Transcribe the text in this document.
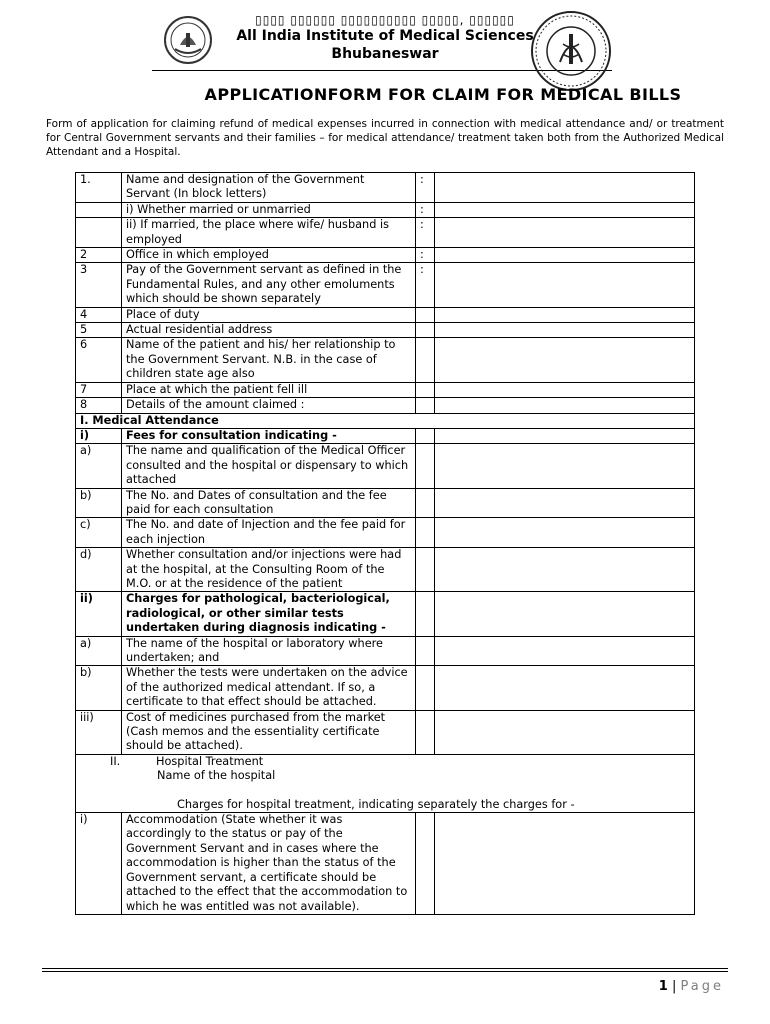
▯▯▯▯ ▯▯▯▯▯▯ ▯▯▯▯▯▯▯▯▯▯ ▯▯▯▯▯, ▯▯▯▯▯▯
All India Institute of Medical Sciences
Bhubaneswar
APPLICATIONFORM FOR CLAIM FOR MEDICAL BILLS
Form of application for claiming refund of medical expenses incurred in connection with medical attendance and/ or treatment for Central Government servants and their families – for medical attendance/ treatment taken both from the Authorized Medical Attendant and a Hospital.
1.	Name and designation of the Government Servant (In block letters)	:	
	i) Whether married or unmarried	:	
	ii) If married, the place where wife/ husband is employed	:	
2	Office in which employed	:	
3	Pay of the Government servant as defined in the Fundamental Rules, and any other emoluments which should be shown separately	:	
4	Place of duty		
5	Actual residential address		
6	Name of the patient and his/ her relationship to the Government Servant. N.B. in the case of children state age also		
7	Place at which the patient fell ill		
8	Details of the amount claimed :		
I. Medical Attendance			
i)	Fees for consultation indicating -		
a)	The name and qualification of the Medical Officer consulted and the hospital or dispensary to which attached		
b)	The No. and Dates of consultation and the fee paid for each consultation		
c)	The No. and date of Injection and the fee paid for each injection		
d)	Whether consultation and/or injections were had at the hospital, at the Consulting Room of the M.O. or at the residence of the patient		
ii)	Charges for pathological, bacteriological, radiological, or other similar tests undertaken during diagnosis indicating -		
a)	The name of the hospital or laboratory where undertaken; and		
b)	Whether the tests were undertaken on the advice of the authorized medical attendant. If so, a certificate to that effect should be attached.		
iii)	Cost of medicines purchased from the market (Cash memos and the essentiality certificate should be attached).		

II. Hospital Treatment
Name of the hospital
Charges for hospital treatment, indicating separately the charges for -			

i)	Accommodation (State whether it was accordingly to the status or pay of the Government Servant and in cases where the accommodation is higher than the status of the Government servant, a certificate should be attached to the effect that the accommodation to which he was entitled was not available).		
1 | Page
